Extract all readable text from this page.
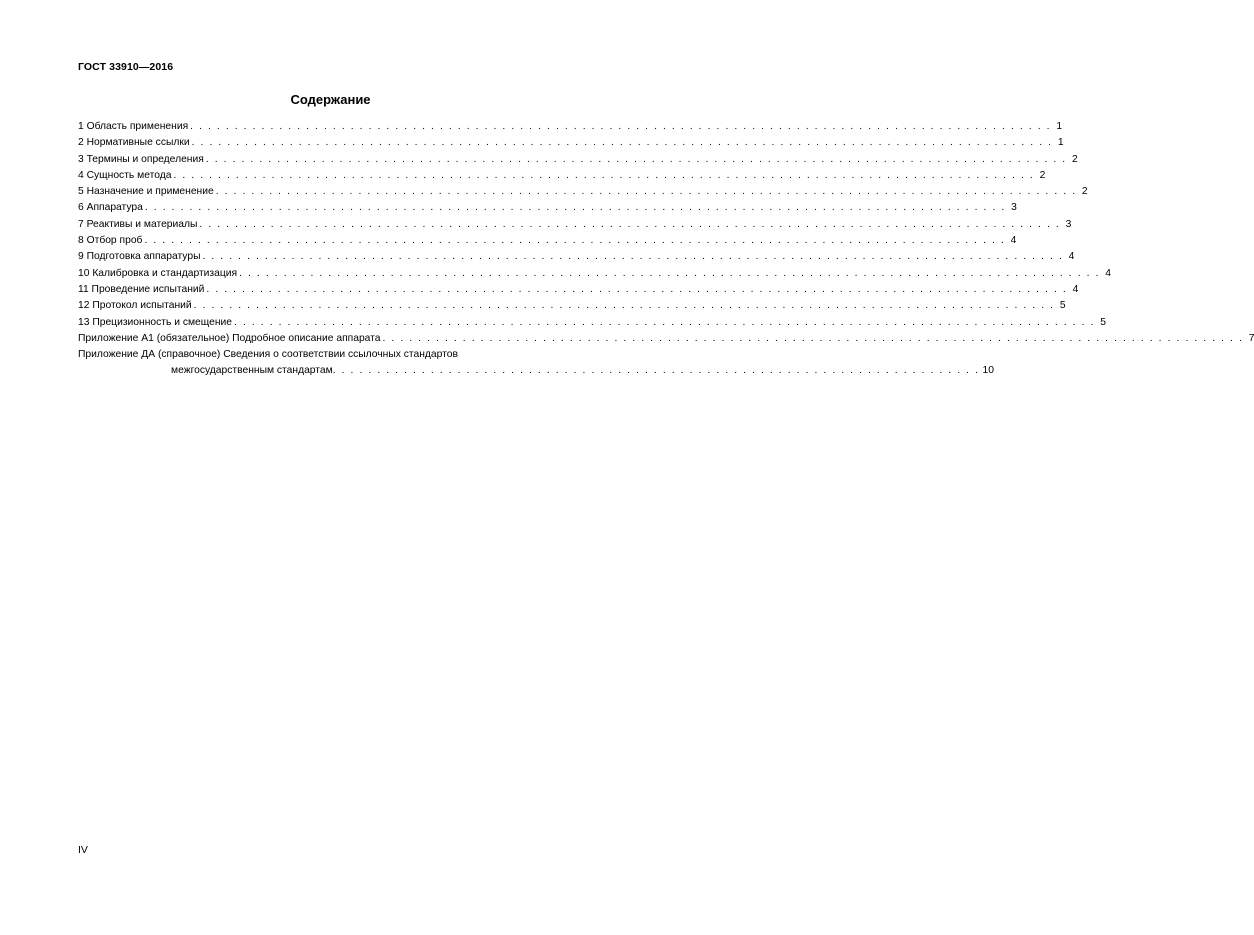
ГОСТ 33910—2016
Содержание
1 Область применения . . . . . . . . . . . . . . . . . . . . . . . . . . . . . . . . . . . . . . . . . . . . . . . . . . . . . . . . . . . . . . . . . . . . . . . . . . . . . . . . . . . . . . . . . . . . . . . . . 1
2 Нормативные ссылки . . . . . . . . . . . . . . . . . . . . . . . . . . . . . . . . . . . . . . . . . . . . . . . . . . . . . . . . . . . . . . . . . . . . . . . . . . . . . . . . . . . . . . . . . . . . . . . . . 1
3 Термины и определения . . . . . . . . . . . . . . . . . . . . . . . . . . . . . . . . . . . . . . . . . . . . . . . . . . . . . . . . . . . . . . . . . . . . . . . . . . . . . . . . . . . . . . . . . . . . . . . . . 2
4 Сущность метода . . . . . . . . . . . . . . . . . . . . . . . . . . . . . . . . . . . . . . . . . . . . . . . . . . . . . . . . . . . . . . . . . . . . . . . . . . . . . . . . . . . . . . . . . . . . . . . . . 2
5 Назначение и применение . . . . . . . . . . . . . . . . . . . . . . . . . . . . . . . . . . . . . . . . . . . . . . . . . . . . . . . . . . . . . . . . . . . . . . . . . . . . . . . . . . . . . . . . . . . . . . . . . 2
6 Аппаратура . . . . . . . . . . . . . . . . . . . . . . . . . . . . . . . . . . . . . . . . . . . . . . . . . . . . . . . . . . . . . . . . . . . . . . . . . . . . . . . . . . . . . . . . . . . . . . . . . 3
7 Реактивы и материалы . . . . . . . . . . . . . . . . . . . . . . . . . . . . . . . . . . . . . . . . . . . . . . . . . . . . . . . . . . . . . . . . . . . . . . . . . . . . . . . . . . . . . . . . . . . . . . . . . 3
8 Отбор проб . . . . . . . . . . . . . . . . . . . . . . . . . . . . . . . . . . . . . . . . . . . . . . . . . . . . . . . . . . . . . . . . . . . . . . . . . . . . . . . . . . . . . . . . . . . . . . . . . 4
9 Подготовка аппаратуры . . . . . . . . . . . . . . . . . . . . . . . . . . . . . . . . . . . . . . . . . . . . . . . . . . . . . . . . . . . . . . . . . . . . . . . . . . . . . . . . . . . . . . . . . . . . . . . . . 4
10 Калибровка и стандартизация . . . . . . . . . . . . . . . . . . . . . . . . . . . . . . . . . . . . . . . . . . . . . . . . . . . . . . . . . . . . . . . . . . . . . . . . . . . . . . . . . . . . . . . . . . . . . . . . . 4
11 Проведение испытаний . . . . . . . . . . . . . . . . . . . . . . . . . . . . . . . . . . . . . . . . . . . . . . . . . . . . . . . . . . . . . . . . . . . . . . . . . . . . . . . . . . . . . . . . . . . . . . . . . 4
12 Протокол испытаний . . . . . . . . . . . . . . . . . . . . . . . . . . . . . . . . . . . . . . . . . . . . . . . . . . . . . . . . . . . . . . . . . . . . . . . . . . . . . . . . . . . . . . . . . . . . . . . . . 5
13 Прецизионность и смещение . . . . . . . . . . . . . . . . . . . . . . . . . . . . . . . . . . . . . . . . . . . . . . . . . . . . . . . . . . . . . . . . . . . . . . . . . . . . . . . . . . . . . . . . . . . . . . . . . 5
Приложение А1 (обязательное) Подробное описание аппарата . . . . . . . . . . . . . . . . . . . . . . . . . . . . . . . . . . . . . . . . . . . . . . . . . . . . . . . . . . . . . . . . . . . . . . . . . . . . . . . . . . . . . . . . . . . . . . . . . 7
Приложение ДА (справочное) Сведения о соответствии ссылочных стандартов
межгосударственным стандартам . . . . . . . . . . . . . . . . . . . . . . . . . . . . . . . . . . . . . . . . . . . . . . . . . . . . . . . . . . . . . . . . . . . . . . . . . 10
IV
